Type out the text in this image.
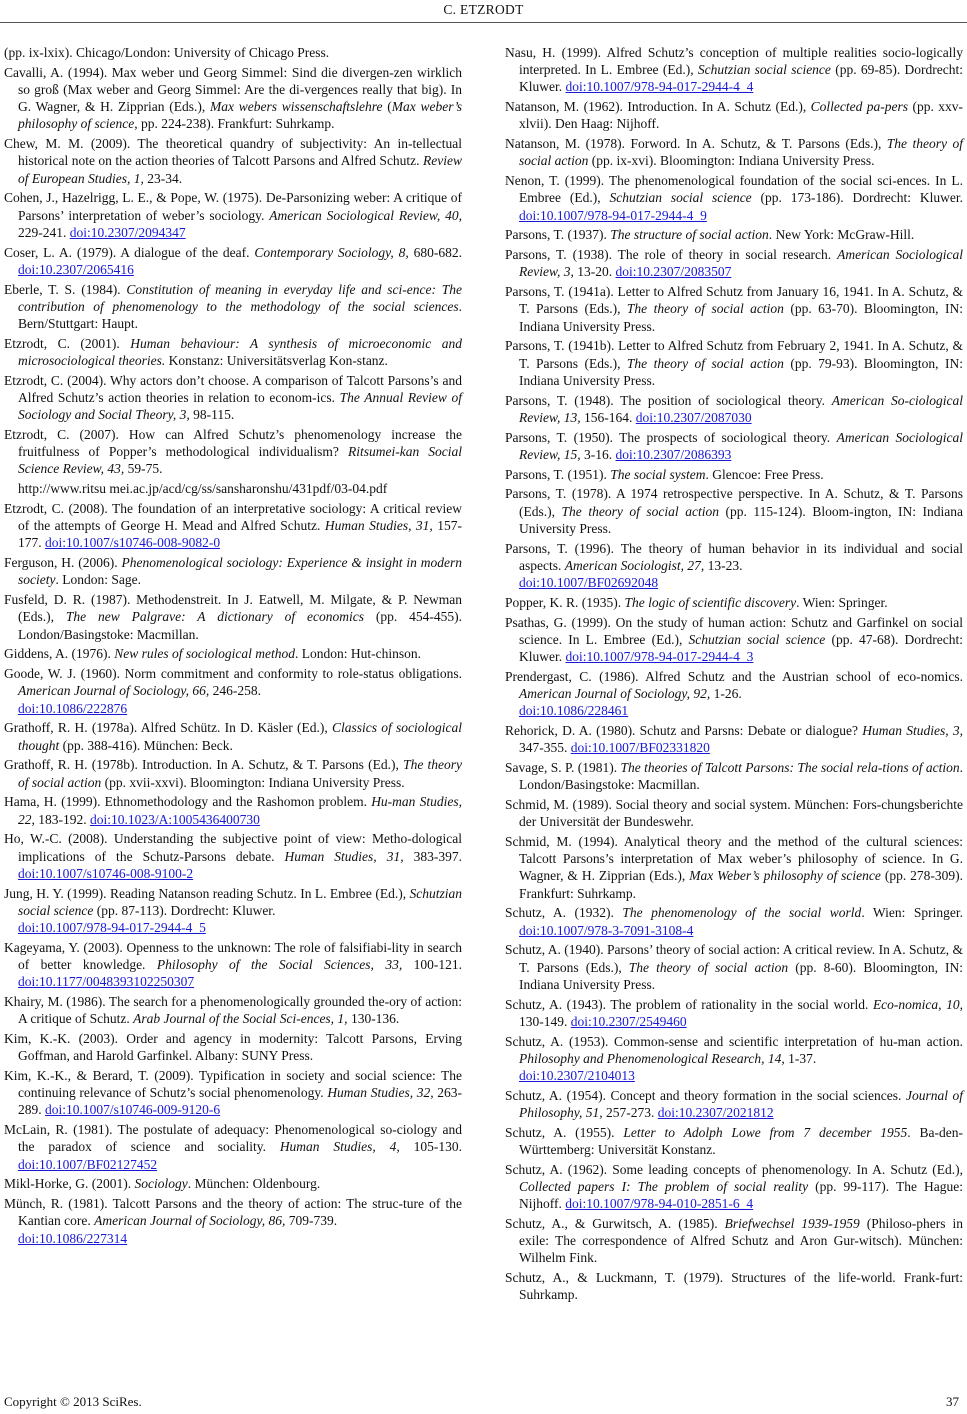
C. ETZRODT
(pp. ix-lxix). Chicago/London: University of Chicago Press.
Cavalli, A. (1994). Max weber und Georg Simmel: Sind die divergen-zen wirklich so groß (Max weber and Georg Simmel: Are the di-vergences really that big). In G. Wagner, & H. Zipprian (Eds.), Max webers wissenschaftslehre (Max weber’s philosophy of science, pp. 224-238). Frankfurt: Suhrkamp.
Chew, M. M. (2009). The theoretical quandry of subjectivity: An in-tellectual historical note on the action theories of Talcott Parsons and Alfred Schutz. Review of European Studies, 1, 23-34.
Cohen, J., Hazelrigg, L. E., & Pope, W. (1975). De-Parsonizing weber: A critique of Parsons’ interpretation of weber’s sociology. American Sociological Review, 40, 229-241. doi:10.2307/2094347
Coser, L. A. (1979). A dialogue of the deaf. Contemporary Sociology, 8, 680-682. doi:10.2307/2065416
Eberle, T. S. (1984). Constitution of meaning in everyday life and sci-ence: The contribution of phenomenology to the methodology of the social sciences. Bern/Stuttgart: Haupt.
Etzrodt, C. (2001). Human behaviour: A synthesis of microeconomic and microsociological theories. Konstanz: Universitätsverlag Kon-stanz.
Etzrodt, C. (2004). Why actors don’t choose. A comparison of Talcott Parsons’s and Alfred Schutz’s action theories in relation to econom-ics. The Annual Review of Sociology and Social Theory, 3, 98-115.
Etzrodt, C. (2007). How can Alfred Schutz’s phenomenology increase the fruitfulness of Popper’s methodological individualism? Ritsumei-kan Social Science Review, 43, 59-75.
http://www.ritsu mei.ac.jp/acd/cg/ss/sansharonshu/431pdf/03-04.pdf
Etzrodt, C. (2008). The foundation of an interpretative sociology: A critical review of the attempts of George H. Mead and Alfred Schutz. Human Studies, 31, 157-177. doi:10.1007/s10746-008-9082-0
Ferguson, H. (2006). Phenomenological sociology: Experience & insight in modern society. London: Sage.
Fusfeld, D. R. (1987). Methodenstreit. In J. Eatwell, M. Milgate, & P. Newman (Eds.), The new Palgrave: A dictionary of economics (pp. 454-455). London/Basingstoke: Macmillan.
Giddens, A. (1976). New rules of sociological method. London: Hut-chinson.
Goode, W. J. (1960). Norm commitment and conformity to role-status obligations. American Journal of Sociology, 66, 246-258.
doi:10.1086/222876
Grathoff, R. H. (1978a). Alfred Schütz. In D. Käsler (Ed.), Classics of sociological thought (pp. 388-416). München: Beck.
Grathoff, R. H. (1978b). Introduction. In A. Schutz, & T. Parsons (Ed.), The theory of social action (pp. xvii-xxvi). Bloomington: Indiana University Press.
Hama, H. (1999). Ethnomethodology and the Rashomon problem. Hu-man Studies, 22, 183-192. doi:10.1023/A:1005436400730
Ho, W.-C. (2008). Understanding the subjective point of view: Metho-dological implications of the Schutz-Parsons debate. Human Studies, 31, 383-397. doi:10.1007/s10746-008-9100-2
Jung, H. Y. (1999). Reading Natanson reading Schutz. In L. Embree (Ed.), Schutzian social science (pp. 87-113). Dordrecht: Kluwer.
doi:10.1007/978-94-017-2944-4_5
Kageyama, Y. (2003). Openness to the unknown: The role of falsifiabi-lity in search of better knowledge. Philosophy of the Social Sciences, 33, 100-121. doi:10.1177/0048393102250307
Khairy, M. (1986). The search for a phenomenologically grounded the-ory of action: A critique of Schutz. Arab Journal of the Social Sci-ences, 1, 130-136.
Kim, K.-K. (2003). Order and agency in modernity: Talcott Parsons, Erving Goffman, and Harold Garfinkel. Albany: SUNY Press.
Kim, K.-K., & Berard, T. (2009). Typification in society and social science: The continuing relevance of Schutz’s social phenomenology. Human Studies, 32, 263-289. doi:10.1007/s10746-009-9120-6
McLain, R. (1981). The postulate of adequacy: Phenomenological so-ciology and the paradox of science and sociality. Human Studies, 4, 105-130. doi:10.1007/BF02127452
Mikl-Horke, G. (2001). Sociology. München: Oldenbourg.
Münch, R. (1981). Talcott Parsons and the theory of action: The struc-ture of the Kantian core. American Journal of Sociology, 86, 709-739.
doi:10.1086/227314
Nasu, H. (1999). Alfred Schutz’s conception of multiple realities socio-logically interpreted. In L. Embree (Ed.), Schutzian social science (pp. 69-85). Dordrecht: Kluwer. doi:10.1007/978-94-017-2944-4_4
Natanson, M. (1962). Introduction. In A. Schutz (Ed.), Collected pa-pers (pp. xxv-xlvii). Den Haag: Nijhoff.
Natanson, M. (1978). Forword. In A. Schutz, & T. Parsons (Eds.), The theory of social action (pp. ix-xvi). Bloomington: Indiana University Press.
Nenon, T. (1999). The phenomenological foundation of the social sci-ences. In L. Embree (Ed.), Schutzian social science (pp. 173-186). Dordrecht: Kluwer. doi:10.1007/978-94-017-2944-4_9
Parsons, T. (1937). The structure of social action. New York: McGraw-Hill.
Parsons, T. (1938). The role of theory in social research. American Sociological Review, 3, 13-20. doi:10.2307/2083507
Parsons, T. (1941a). Letter to Alfred Schutz from January 16, 1941. In A. Schutz, & T. Parsons (Eds.), The theory of social action (pp. 63-70). Bloomington, IN: Indiana University Press.
Parsons, T. (1941b). Letter to Alfred Schutz from February 2, 1941. In A. Schutz, & T. Parsons (Eds.), The theory of social action (pp. 79-93). Bloomington, IN: Indiana University Press.
Parsons, T. (1948). The position of sociological theory. American So-ciological Review, 13, 156-164. doi:10.2307/2087030
Parsons, T. (1950). The prospects of sociological theory. American Sociological Review, 15, 3-16. doi:10.2307/2086393
Parsons, T. (1951). The social system. Glencoe: Free Press.
Parsons, T. (1978). A 1974 retrospective perspective. In A. Schutz, & T. Parsons (Eds.), The theory of social action (pp. 115-124). Bloom-ington, IN: Indiana University Press.
Parsons, T. (1996). The theory of human behavior in its individual and social aspects. American Sociologist, 27, 13-23.
doi:10.1007/BF02692048
Popper, K. R. (1935). The logic of scientific discovery. Wien: Springer.
Psathas, G. (1999). On the study of human action: Schutz and Garfinkel on social science. In L. Embree (Ed.), Schutzian social science (pp. 47-68). Dordrecht: Kluwer. doi:10.1007/978-94-017-2944-4_3
Prendergast, C. (1986). Alfred Schutz and the Austrian school of eco-nomics. American Journal of Sociology, 92, 1-26.
doi:10.1086/228461
Rehorick, D. A. (1980). Schutz and Parsns: Debate or dialogue? Human Studies, 3, 347-355. doi:10.1007/BF02331820
Savage, S. P. (1981). The theories of Talcott Parsons: The social rela-tions of action. London/Basingstoke: Macmillan.
Schmid, M. (1989). Social theory and social system. München: Fors-chungsberichte der Universität der Bundeswehr.
Schmid, M. (1994). Analytical theory and the method of the cultural sciences: Talcott Parsons’s interpretation of Max weber’s philosophy of science. In G. Wagner, & H. Zipprian (Eds.), Max Weber’s philosophy of science (pp. 278-309). Frankfurt: Suhrkamp.
Schutz, A. (1932). The phenomenology of the social world. Wien: Springer. doi:10.1007/978-3-7091-3108-4
Schutz, A. (1940). Parsons’ theory of social action: A critical review. In A. Schutz, & T. Parsons (Eds.), The theory of social action (pp. 8-60). Bloomington, IN: Indiana University Press.
Schutz, A. (1943). The problem of rationality in the social world. Eco-nomica, 10, 130-149. doi:10.2307/2549460
Schutz, A. (1953). Common-sense and scientific interpretation of hu-man action. Philosophy and Phenomenological Research, 14, 1-37.
doi:10.2307/2104013
Schutz, A. (1954). Concept and theory formation in the social sciences. Journal of Philosophy, 51, 257-273. doi:10.2307/2021812
Schutz, A. (1955). Letter to Adolph Lowe from 7 december 1955. Ba-den-Württemberg: Universität Konstanz.
Schutz, A. (1962). Some leading concepts of phenomenology. In A. Schutz (Ed.), Collected papers I: The problem of social reality (pp. 99-117). The Hague: Nijhoff. doi:10.1007/978-94-010-2851-6_4
Schutz, A., & Gurwitsch, A. (1985). Briefwechsel 1939-1959 (Philoso-phers in exile: The correspondence of Alfred Schutz and Aron Gur-witsch). München: Wilhelm Fink.
Schutz, A., & Luckmann, T. (1979). Structures of the life-world. Frank-furt: Suhrkamp.
Copyright © 2013 SciRes.	37
